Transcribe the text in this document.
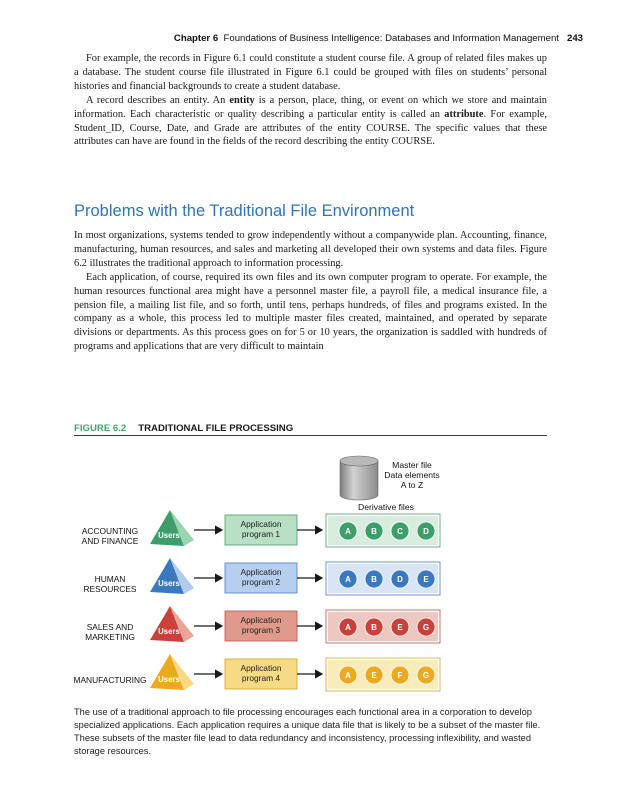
Chapter 6 Foundations of Business Intelligence: Databases and Information Management 243

For example, the records in Figure 6.1 could constitute a student course file. A group of related files makes up a database. The student course file illustrated in Figure 6.1 could be grouped with files on students’ personal histories and financial backgrounds to create a student database.

A record describes an entity. An entity is a person, place, thing, or event on which we store and maintain information. Each characteristic or quality describing a particular entity is called an attribute. For example, Student_ID, Course, Date, and Grade are attributes of the entity COURSE. The specific values that these attributes can have are found in the fields of the record describing the entity COURSE.

Problems with the Traditional File Environment

In most organizations, systems tended to grow independently without a companywide plan. Accounting, finance, manufacturing, human resources, and sales and marketing all developed their own systems and data files. Figure 6.2 illustrates the traditional approach to information processing.

Each application, of course, required its own files and its own computer program to operate. For example, the human resources functional area might have a personnel master file, a payroll file, a medical insurance file, a pension file, a mailing list file, and so forth, until tens, perhaps hundreds, of files and programs existed. In the company as a whole, this process led to multiple master files created, maintained, and operated by separate divisions or departments. As this process goes on for 5 or 10 years, the organization is saddled with hundreds of programs and applications that are very difficult to maintain

FIGURE 6.2 TRADITIONAL FILE PROCESSING
Master file
Data elements
A to Z
Derivative files
ACCOUNTING
AND FINANCE
Users
Application
program 1	A	B	C	D
HUMAN
RESOURCES
Users
Application
program 2	A	B	D	E
SALES AND
MARKETING
Users
Application
program 3	A	B	E	G
MANUFACTURING Users
Application
program 4	A	E	F	G
The use of a traditional approach to file processing encourages each functional area in a corporation to develop specialized applications. Each application requires a unique data file that is likely to be a subset of the master file. These subsets of the master file lead to data redundancy and inconsistency, processing inflexibility, and wasted storage resources.
